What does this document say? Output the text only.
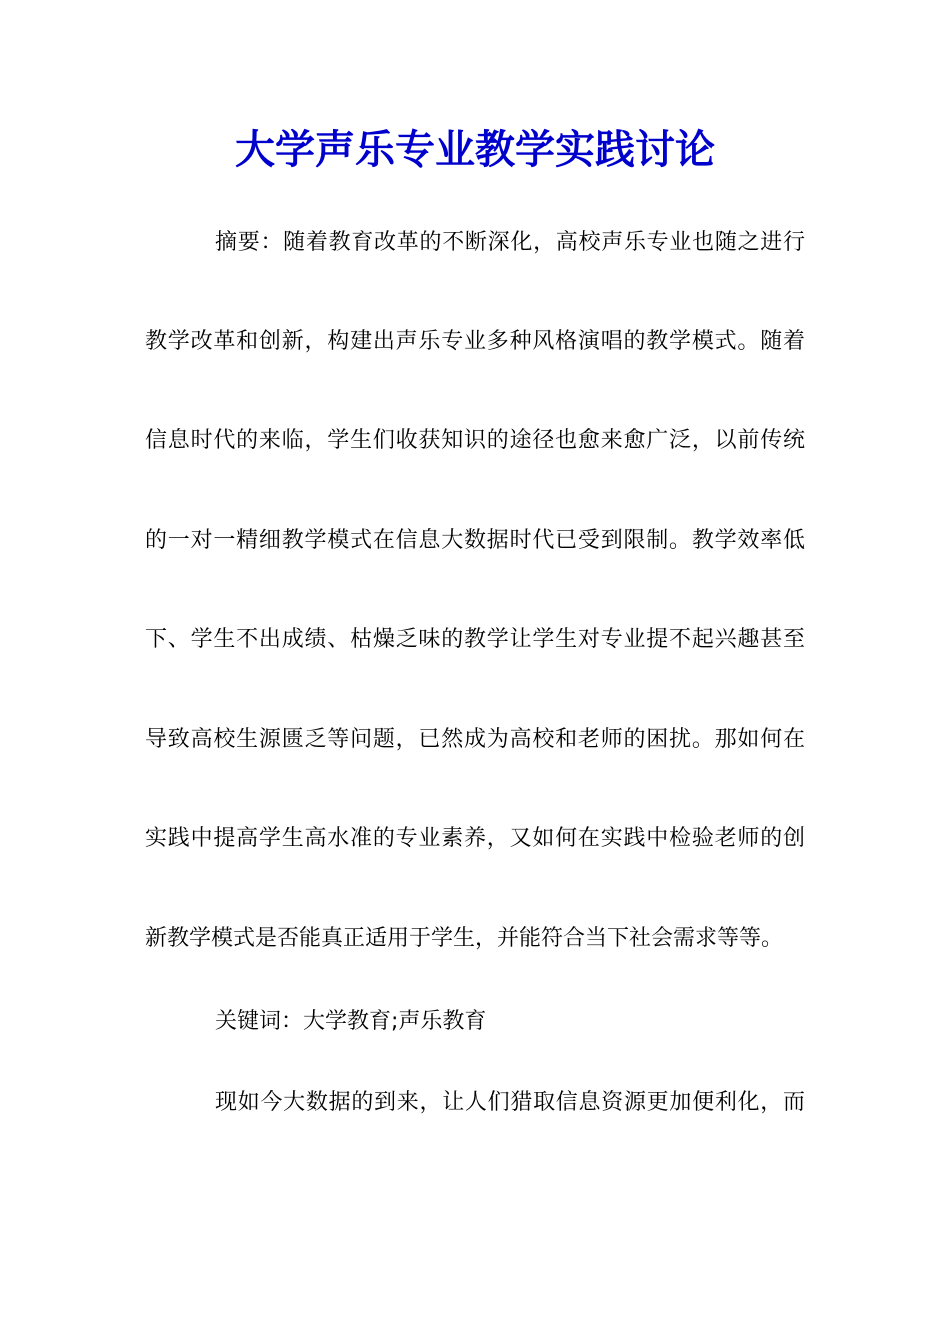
大学声乐专业教学实践讨论

摘要：随着教育改革的不断深化，高校声乐专业也随之进行

教学改革和创新，构建出声乐专业多种风格演唱的教学模式。随着

信息时代的来临，学生们收获知识的途径也愈来愈广泛，以前传统

的一对一精细教学模式在信息大数据时代已受到限制。教学效率低

下、学生不出成绩、枯燥乏味的教学让学生对专业提不起兴趣甚至

导致高校生源匮乏等问题，已然成为高校和老师的困扰。那如何在

实践中提高学生高水准的专业素养，又如何在实践中检验老师的创

新教学模式是否能真正适用于学生，并能符合当下社会需求等等。

关键词：大学教育;声乐教育

现如今大数据的到来，让人们猎取信息资源更加便利化，而
